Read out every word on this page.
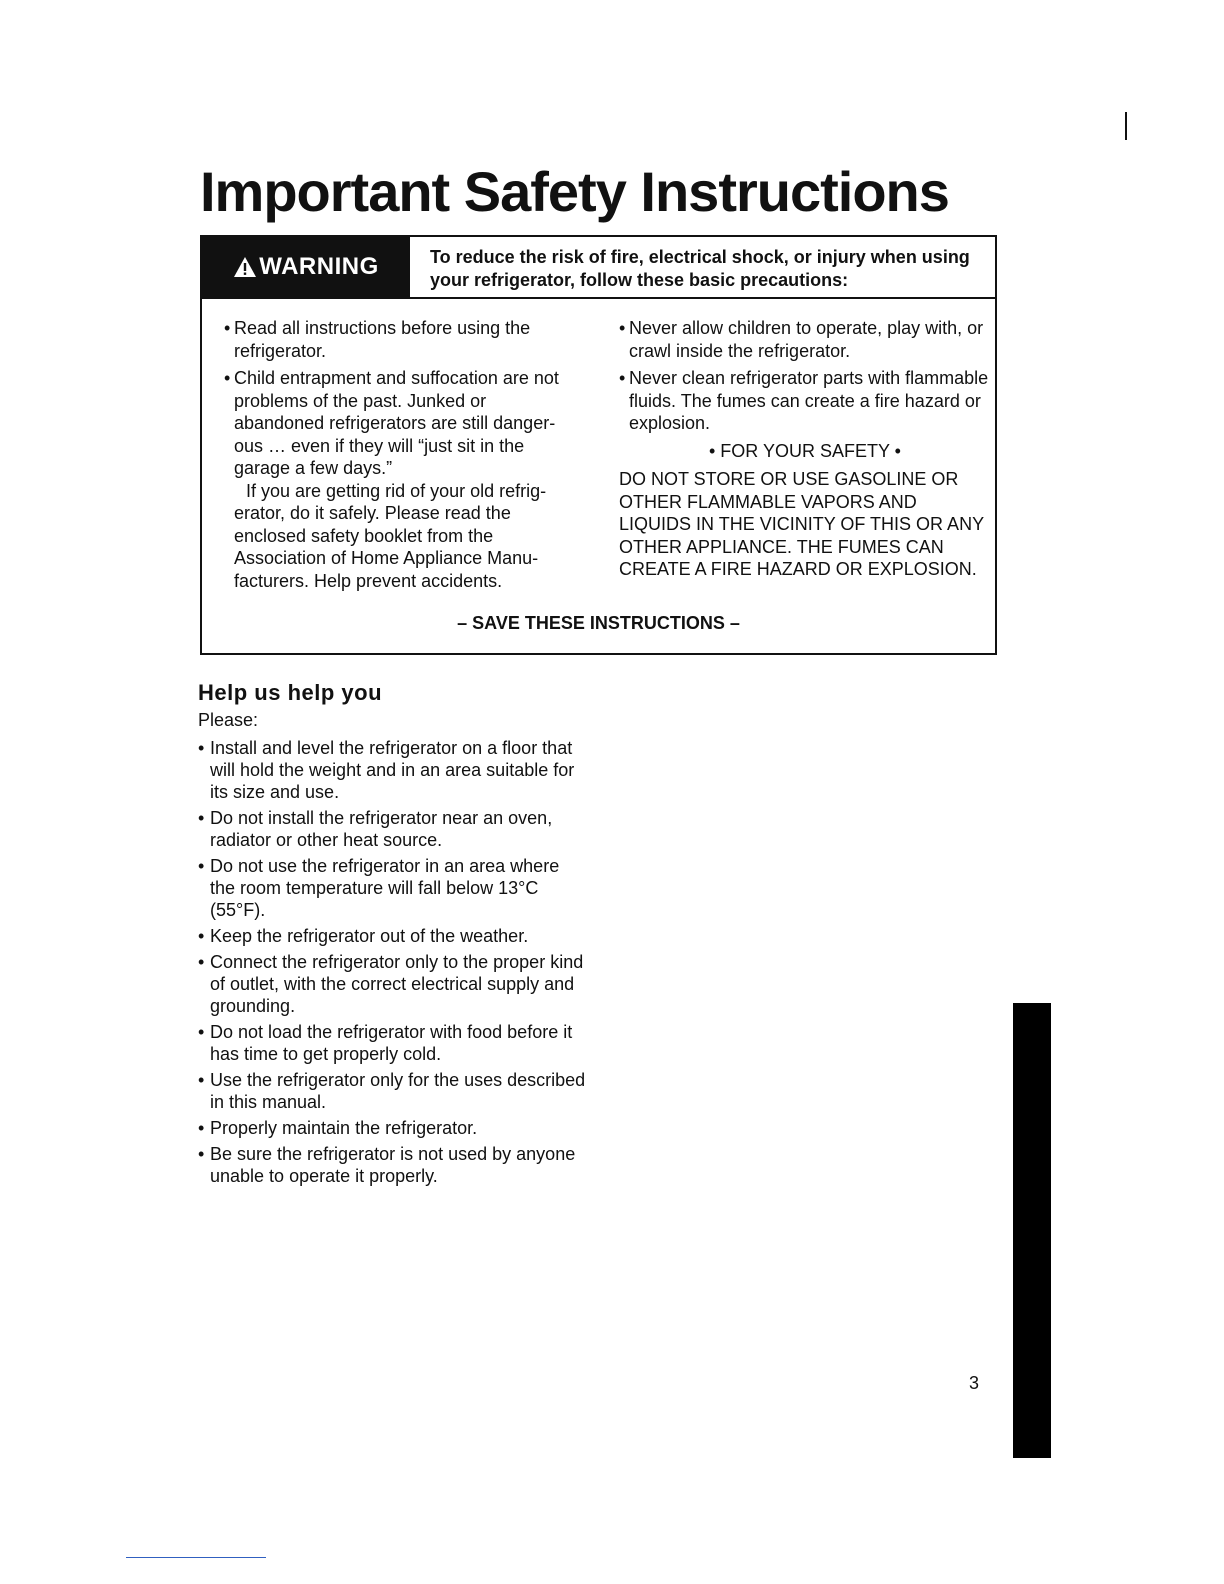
Important Safety Instructions
WARNING	To reduce the risk of fire, electrical shock, or injury when using your refrigerator, follow these basic precautions:
• Read all instructions before using the refrigerator.
• Child entrapment and suffocation are not problems of the past. Junked or abandoned refrigerators are still danger- ous … even if they will “just sit in the garage a few days.”
If you are getting rid of your old refrig- erator, do it safely. Please read the enclosed safety booklet from the Association of Home Appliance Manu- facturers. Help prevent accidents.
• Never allow children to operate, play with, or crawl inside the refrigerator.
• Never clean refrigerator parts with flammable fluids. The fumes can create a fire hazard or explosion.
• FOR YOUR SAFETY •
DO NOT STORE OR USE GASOLINE OR OTHER FLAMMABLE VAPORS AND LIQUIDS IN THE VICINITY OF THIS OR ANY OTHER APPLIANCE. THE FUMES CAN CREATE A FIRE HAZARD OR EXPLOSION.
– SAVE THESE INSTRUCTIONS –
Help us help you
Please:
• Install and level the refrigerator on a floor that will hold the weight and in an area suitable for its size and use.
• Do not install the refrigerator near an oven, radiator or other heat source.
• Do not use the refrigerator in an area where the room temperature will fall below 13°C (55°F).
• Keep the refrigerator out of the weather.
• Connect the refrigerator only to the proper kind of outlet, with the correct electrical supply and grounding.
• Do not load the refrigerator with food before it has time to get properly cold.
• Use the refrigerator only for the uses described in this manual.
• Properly maintain the refrigerator.
• Be sure the refrigerator is not used by anyone unable to operate it properly.
3
